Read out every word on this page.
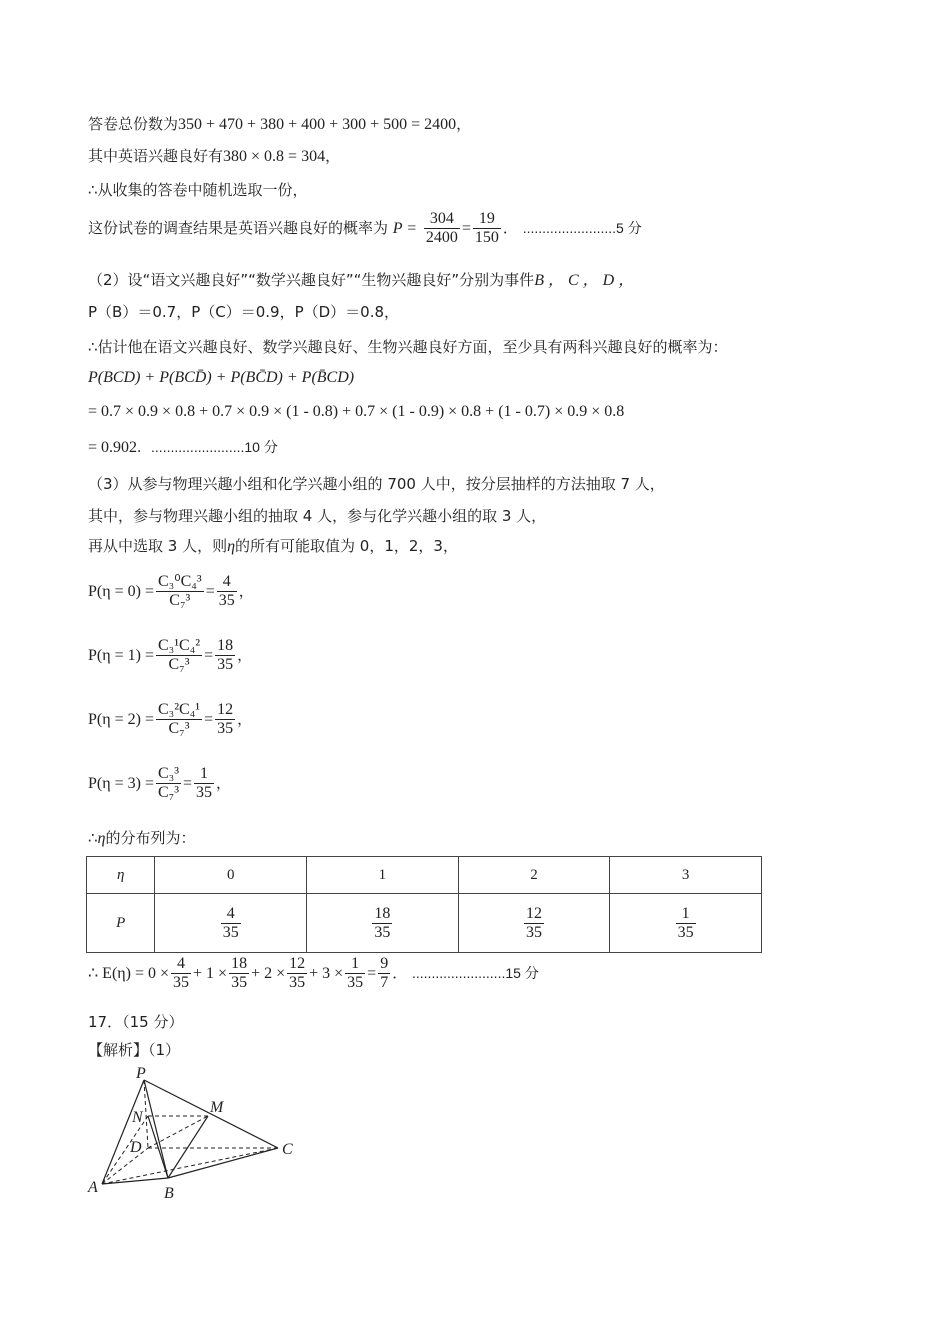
答卷总份数为350 + 470 + 380 + 400 + 300 + 500 = 2400，
其中英语兴趣良好有380 × 0.8 = 304，
∴从收集的答卷中随机选取一份，
这份试卷的调查结果是英语兴趣良好的概率为 $P = \frac{304}{2400} = \frac{19}{150}$ ． ........................5 分
（2）设“语文兴趣良好”“数学兴趣良好”“生物兴趣良好”分别为事件B ， C ， D ，
P（B）＝0.7，P（C）＝0.9，P（D）＝0.8，
∴估计他在语文兴趣良好、数学兴趣良好、生物兴趣良好方面，至少具有两科兴趣良好的概率为：
P(BCD) + P(BCD̄) + P(BC̄D) + P(B̄CD)
= 0.7 × 0.9 × 0.8 + 0.7 × 0.9 × (1 - 0.8) + 0.7 × (1 - 0.9) × 0.8 + (1 - 0.7) × 0.9 × 0.8
= 0.902．........................10 分
（3）从参与物理兴趣小组和化学兴趣小组的 700 人中，按分层抽样的方法抽取 7 人，
其中，参与物理兴趣小组的抽取 4 人，参与化学兴趣小组的取 3 人，
再从中选取 3 人，则η的所有可能取值为 0，1，2，3，
$P(\eta = 0) = \frac{\text{C₃⁰C₄³}}{\text{C₇³}} = \frac{4}{35}$ ，
$P(\eta = 1) = \frac{\text{C₃¹C₄²}}{\text{C₇³}} = \frac{18}{35}$ ，
$P(\eta = 2) = \frac{\text{C₃²C₄¹}}{\text{C₇³}} = \frac{12}{35}$ ，
$P(\eta = 3) = \frac{\text{C₃³}}{\text{C₇³}} = \frac{1}{35}$ ，
∴η的分布列为：
η	0	1	2	3
P	$\frac{4}{35}$	$\frac{18}{35}$	$\frac{12}{35}$	$\frac{1}{35}$
∴ $E(\eta) = 0 \times \frac{4}{35} + 1 \times \frac{18}{35} + 2 \times \frac{12}{35} + 3 \times \frac{1}{35} = \frac{9}{7}$ ． ........................15 分
17．（15 分）
【解析】（1）
P
M
N
D	C
A	B
